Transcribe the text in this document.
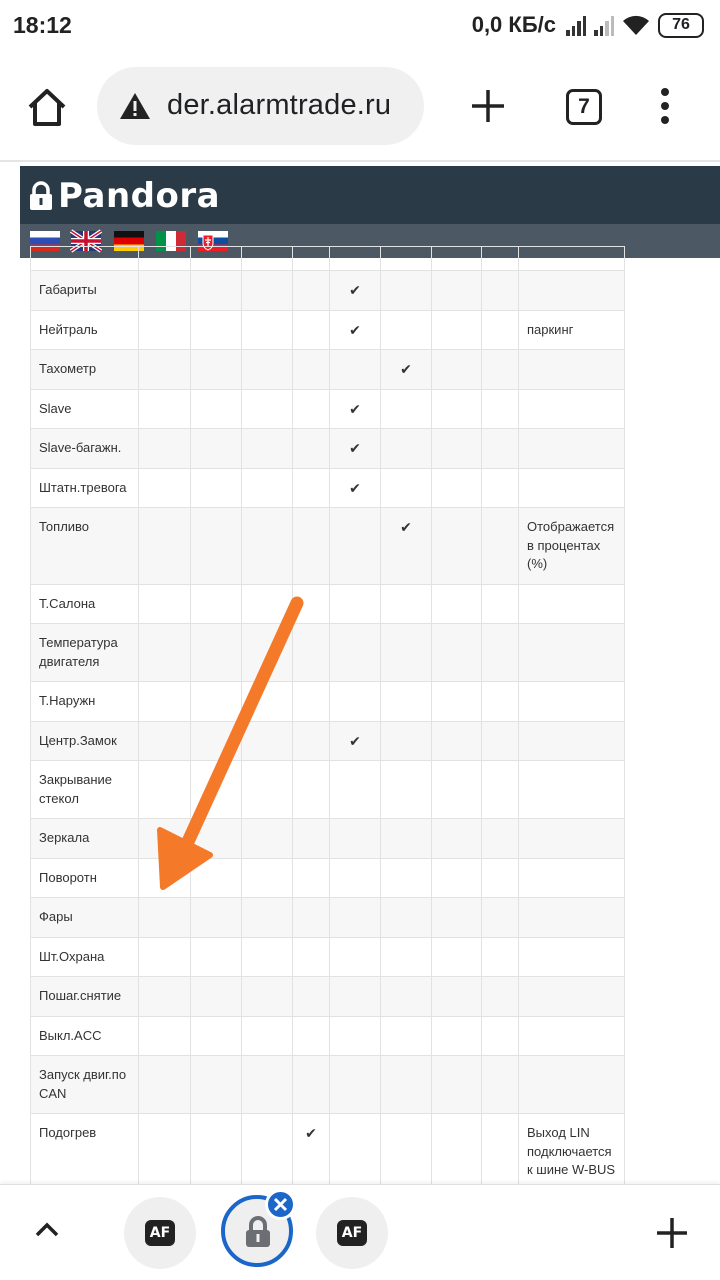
18:12	0,0 КБ/с	76
der.alarmtrade.ru	7
Pandora

Габариты					✔				
Нейтраль					✔				паркинг
Тахометр						✔			
Slave					✔				
Slave-багажн.					✔				
Штатн.тревога					✔				
Топливо						✔			Отображается в процентах (%)
Т.Салона									
Температура двигателя									
Т.Наружн									
Центр.Замок					✔				
Закрывание стекол									
Зеркала									
Поворотн									
Фары									
Шт.Охрана									
Пошаг.снятие									
Выкл.ACC									
Запуск двиг.по CAN									
Подогрев				✔					Выход LIN подключается к шине W-BUS

AF	AF
